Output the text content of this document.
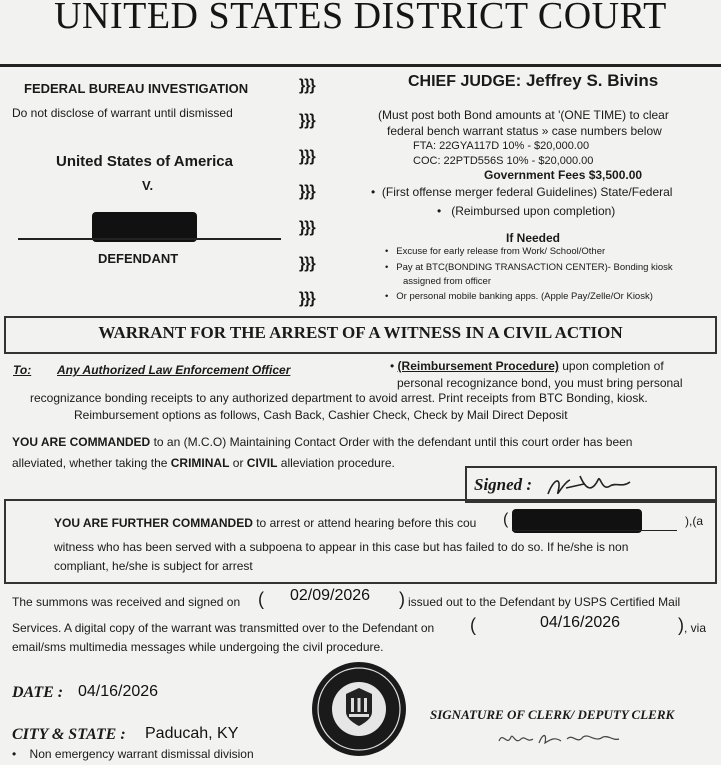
UNITED STATES DISTRICT COURT
FEDERAL BUREAU INVESTIGATION
Do not disclose of warrant until dismissed
United States of America
V.
DEFENDANT
}}}
}}}
}}}
}}}
}}}
}}}
}}}
CHIEF JUDGE: Jeffrey S. Bivins
(Must post both Bond amounts at '(ONE TIME) to clear
federal bench warrant status » case numbers below
FTA: 22GYA117D 10% - $20,000.00
COC: 22PTD556S 10% - $20,000.00
Government Fees $3,500.00
•  (First offense merger federal Guidelines) State/Federal
•   (Reimbursed upon completion)
If Needed
•   Excuse for early release from Work/ School/Other
•   Pay at BTC(BONDING TRANSACTION CENTER)- Bonding kiosk
assigned from officer
•   Or personal mobile banking apps. (Apple Pay/Zelle/Or Kiosk)
WARRANT FOR THE ARREST OF A WITNESS IN A CIVIL ACTION
To: Any Authorized Law Enforcement Officer	• (Reimbursement Procedure) upon completion of
personal recognizance bond, you must bring personal
recognizance bonding receipts to any authorized department to avoid arrest. Print receipts from BTC Bonding, kiosk.
Reimbursement options as follows, Cash Back, Cashier Check, Check by Mail Direct Deposit
YOU ARE COMMANDED to an (M.C.O) Maintaining Contact Order with the defendant until this court order has been
alleviated, whether taking the CRIMINAL or CIVIL alleviation procedure.
Signed :
YOU ARE FURTHER COMMANDED to arrest or attend hearing before this cou (	),(a
witness who has been served with a subpoena to appear in this case but has failed to do so. If he/she is non
compliant, he/she is subject for arrest
The summons was received and signed on ( 02/09/2026 ) issued out to the Defendant by USPS Certified Mail
Services. A digital copy of the warrant was transmitted over to the Defendant on (	04/16/2026	) , via
email/sms multimedia messages while undergoing the civil procedure.
DATE : 04/16/2026
CITY & STATE : Paducah, KY
•    Non emergency warrant dismissal division
SIGNATURE OF CLERK/ DEPUTY CLERK
